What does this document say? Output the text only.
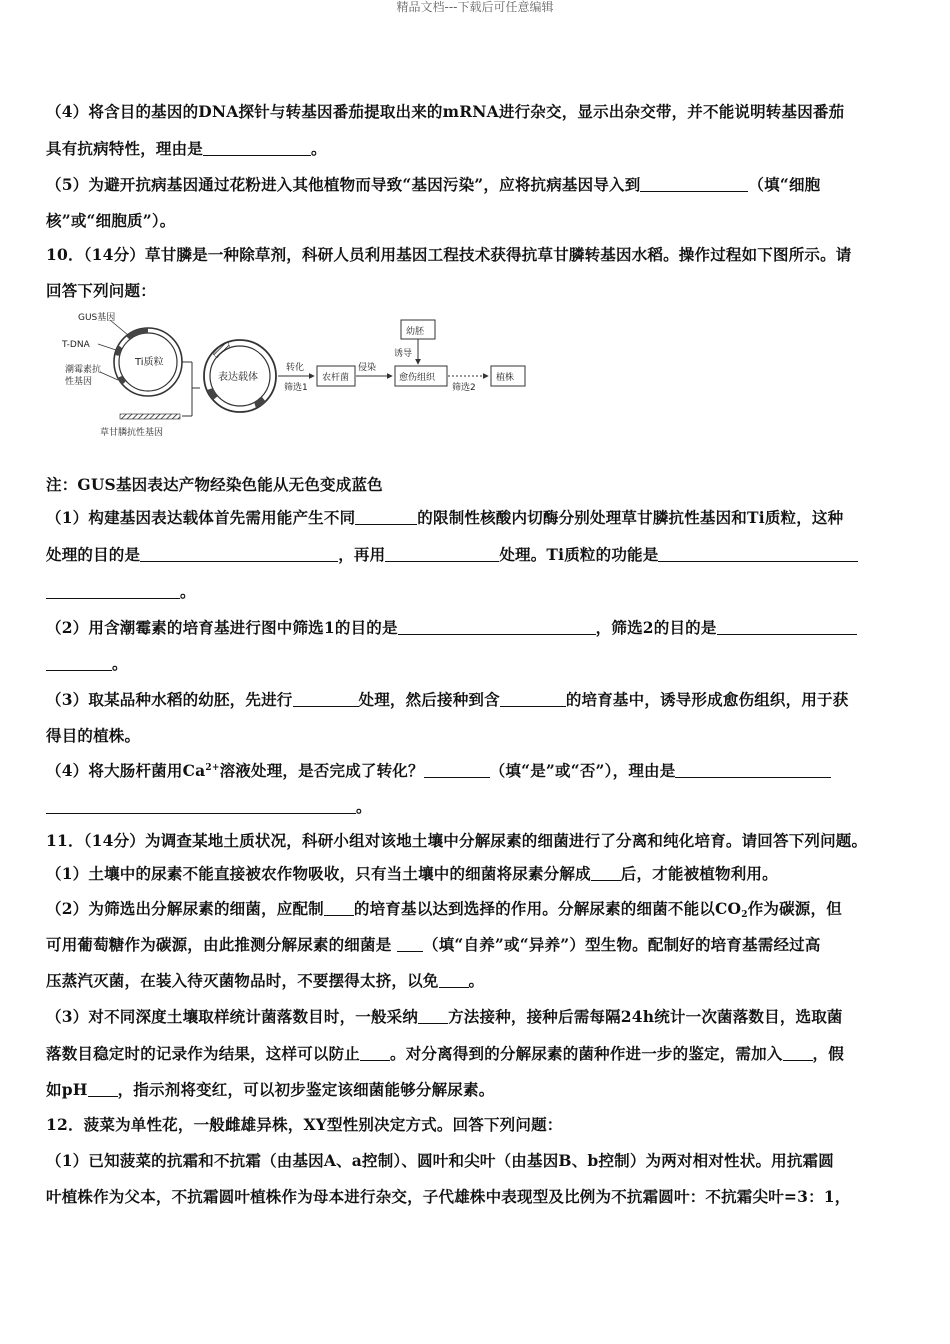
精品文档---下载后可任意编辑
（4）将含目的基因的DNA探针与转基因番茄提取出来的mRNA进行杂交，显示出杂交带，并不能说明转基因番茄
具有抗病特性，理由是	。
（5）为避开抗病基因通过花粉进入其他植物而导致“基因污染”，应将抗病基因导入到	（填“细胞
核”或“细胞质”）。
10．（14分）草甘膦是一种除草剂，科研人员利用基因工程技术获得抗草甘膦转基因水稻。操作过程如下图所示。请
回答下列问题：
Ti质粒
GUS基因
T-DNA
潮霉素抗
性基因
草甘膦抗性基因
表达载体
转化
筛选1
农杆菌
侵染
愈伤组织
幼胚
诱导
筛选2
植株
注：GUS基因表达产物经染色能从无色变成蓝色
（1）构建基因表达载体首先需用能产生不同	的限制性核酸内切酶分别处理草甘膦抗性基因和Ti质粒，这种
处理的目的是	，再用	处理。Ti质粒的功能是
。
（2）用含潮霉素的培育基进行图中筛选1的目的是	，筛选2的目的是
。
（3）取某品种水稻的幼胚，先进行	处理，然后接种到含	的培育基中，诱导形成愈伤组织，用于获
得目的植株。
（4）将大肠杆菌用$Ca^{2+}$溶液处理，是否完成了转化？	（填“是”或“否”），理由是
。
11．（14分）为调查某地土质状况，科研小组对该地土壤中分解尿素的细菌进行了分离和纯化培育。请回答下列问题。
（1）土壤中的尿素不能直接被农作物吸收，只有当土壤中的细菌将尿素分解成 后，才能被植物利用。
（2）为筛选出分解尿素的细菌，应配制 的培育基以达到选择的作用。分解尿素的细菌不能以$CO_2$作为碳源，但
可用葡萄糖作为碳源，由此推测分解尿素的细菌是 （填“自养”或“异养”）型生物。配制好的培育基需经过高
压蒸汽灭菌，在装入待灭菌物品时，不要摆得太挤，以免 。
（3）对不同深度土壤取样统计菌落数目时，一般采纳 方法接种，接种后需每隔24h统计一次菌落数目，选取菌
落数目稳定时的记录作为结果，这样可以防止 。对分离得到的分解尿素的菌种作进一步的鉴定，需加入 ，假
如pH ，指示剂将变红，可以初步鉴定该细菌能够分解尿素。
12．菠菜为单性花，一般雌雄异株，XY型性别决定方式。回答下列问题：
（1）已知菠菜的抗霜和不抗霜（由基因A、a控制）、圆叶和尖叶（由基因B、b控制）为两对相对性状。用抗霜圆
叶植株作为父本，不抗霜圆叶植株作为母本进行杂交，子代雄株中表现型及比例为不抗霜圆叶：不抗霜尖叶=3：1，
